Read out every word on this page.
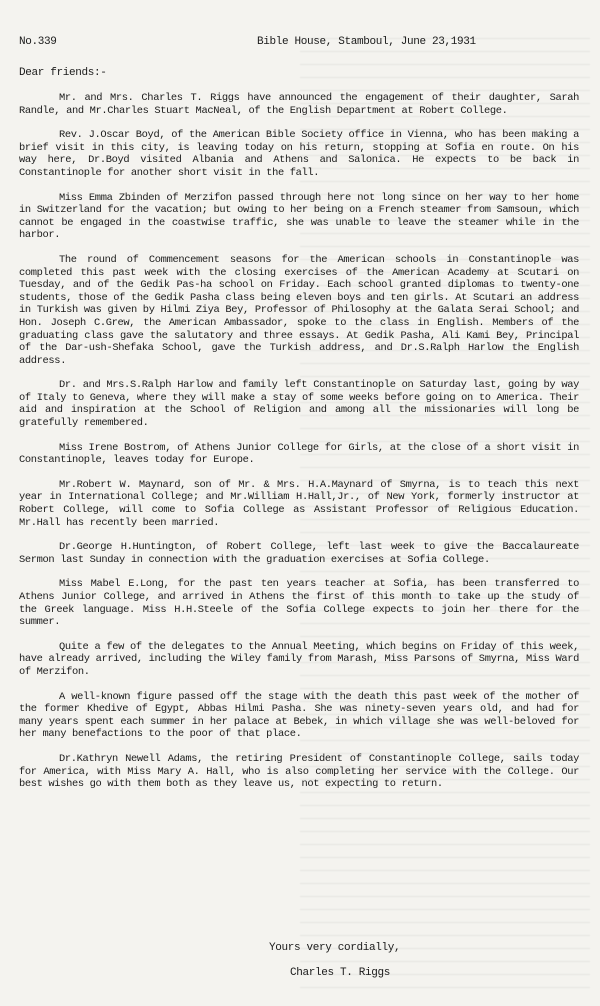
No.339	Bible House, Stamboul, June 23,1931
Dear friends:-

Mr. and Mrs. Charles T. Riggs have announced the engagement of their daughter, Sarah Randle, and Mr.Charles Stuart MacNeal, of the English Department at Robert College.

Rev. J.Oscar Boyd, of the American Bible Society office in Vienna, who has been making a brief visit in this city, is leaving today on his return, stopping at Sofia en route. On his way here, Dr.Boyd visited Albania and Athens and Salonica. He expects to be back in Constantinople for another short visit in the fall.

Miss Emma Zbinden of Merzifon passed through here not long since on her way to her home in Switzerland for the vacation; but owing to her being on a French steamer from Samsoun, which cannot be engaged in the coastwise traffic, she was unable to leave the steamer while in the harbor.

The round of Commencement seasons for the American schools in Constantinople was completed this past week with the closing exercises of the American Academy at Scutari on Tuesday, and of the Gedik Pas-ha school on Friday. Each school granted diplomas to twenty-one students, those of the Gedik Pasha class being eleven boys and ten girls. At Scutari an address in Turkish was given by Hilmi Ziya Bey, Professor of Philosophy at the Galata Serai School; and Hon. Joseph C.Grew, the American Ambassador, spoke to the class in English. Members of the graduating class gave the salutatory and three essays. At Gedik Pasha, Ali Kami Bey, Principal of the Dar-ush-Shefaka School, gave the Turkish address, and Dr.S.Ralph Harlow the English address.

Dr. and Mrs.S.Ralph Harlow and family left Constantinople on Saturday last, going by way of Italy to Geneva, where they will make a stay of some weeks before going on to America. Their aid and inspiration at the School of Religion and among all the missionaries will long be gratefully remembered.

Miss Irene Bostrom, of Athens Junior College for Girls, at the close of a short visit in Constantinople, leaves today for Europe.

Mr.Robert W. Maynard, son of Mr. & Mrs. H.A.Maynard of Smyrna, is to teach this next year in International College; and Mr.William H.Hall,Jr., of New York, formerly instructor at Robert College, will come to Sofia College as Assistant Professor of Religious Education. Mr.Hall has recently been married.

Dr.George H.Huntington, of Robert College, left last week to give the Baccalaureate Sermon last Sunday in connection with the graduation exercises at Sofia College.

Miss Mabel E.Long, for the past ten years teacher at Sofia, has been transferred to Athens Junior College, and arrived in Athens the first of this month to take up the study of the Greek language. Miss H.H.Steele of the Sofia College expects to join her there for the summer.

Quite a few of the delegates to the Annual Meeting, which begins on Friday of this week, have already arrived, including the Wiley family from Marash, Miss Parsons of Smyrna, Miss Ward of Merzifon.

A well-known figure passed off the stage with the death this past week of the mother of the former Khedive of Egypt, Abbas Hilmi Pasha. She was ninety-seven years old, and had for many years spent each summer in her palace at Bebek, in which village she was well-beloved for her many benefactions to the poor of that place.

Dr.Kathryn Newell Adams, the retiring President of Constantinople College, sails today for America, with Miss Mary A. Hall, who is also completing her service with the College. Our best wishes go with them both as they leave us, not expecting to return.

Yours very cordially,
Charles T. Riggs
